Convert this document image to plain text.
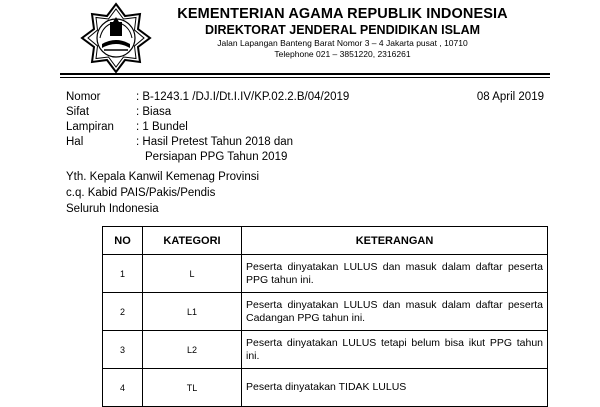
KEMENTERIAN AGAMA REPUBLIK INDONESIA
DIREKTORAT JENDERAL PENDIDIKAN ISLAM
Jalan Lapangan Banteng Barat Nomor 3 – 4 Jakarta pusat , 10710
Telephone 021 – 3851220, 2316261
Nomor	: B-1243.1 /DJ.I/Dt.I.IV/KP.02.2.B/04/2019
Sifat	: Biasa
Lampiran	: 1 Bundel
Hal	: Hasil Pretest Tahun 2018 dan
Persiapan PPG Tahun 2019
08 April 2019
Yth. Kepala Kanwil Kemenag Provinsi
c.q. Kabid PAIS/Pakis/Pendis
Seluruh Indonesia
NO	KATEGORI	KETERANGAN
1	L	Peserta dinyatakan LULUS dan masuk dalam daftar peserta PPG tahun ini.
2	L1	Peserta dinyatakan LULUS dan masuk dalam daftar peserta Cadangan PPG tahun ini.
3	L2	Peserta dinyatakan LULUS tetapi belum bisa ikut PPG tahun ini.
4	TL	Peserta dinyatakan TIDAK LULUS
